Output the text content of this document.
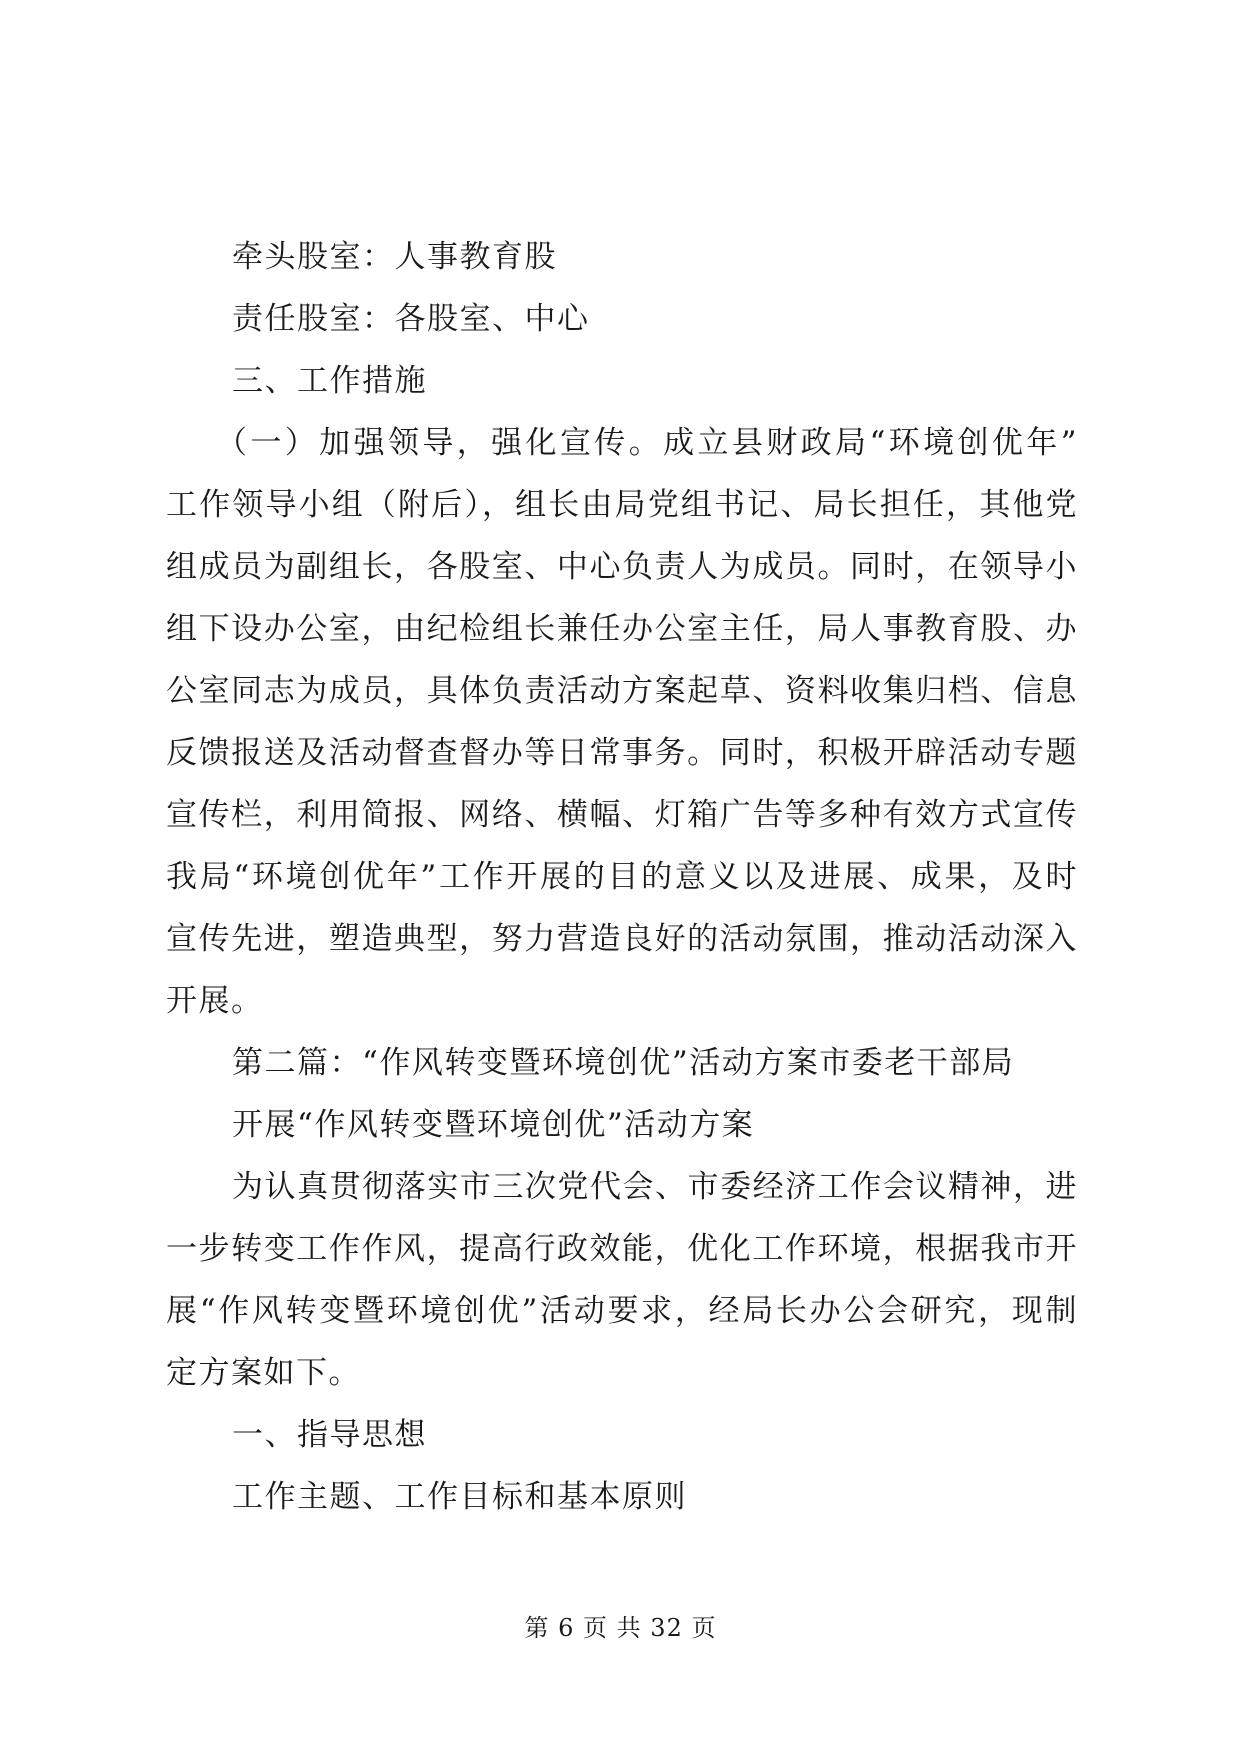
牵头股室：人事教育股
责任股室：各股室、中心
三、工作措施
（一）加强领导，强化宣传。成立县财政局“环境创优年”
工作领导小组（附后），组长由局党组书记、局长担任，其他党
组成员为副组长，各股室、中心负责人为成员。同时，在领导小
组下设办公室，由纪检组长兼任办公室主任，局人事教育股、办
公室同志为成员，具体负责活动方案起草、资料收集归档、信息
反馈报送及活动督查督办等日常事务。同时，积极开辟活动专题
宣传栏，利用简报、网络、横幅、灯箱广告等多种有效方式宣传
我局“环境创优年”工作开展的目的意义以及进展、成果，及时
宣传先进，塑造典型，努力营造良好的活动氛围，推动活动深入
开展。
第二篇：“作风转变暨环境创优”活动方案市委老干部局
开展“作风转变暨环境创优”活动方案
为认真贯彻落实市三次党代会、市委经济工作会议精神，进
一步转变工作作风，提高行政效能，优化工作环境，根据我市开
展“作风转变暨环境创优”活动要求，经局长办公会研究，现制
定方案如下。
一、指导思想
工作主题、工作目标和基本原则
第 6 页 共 32 页
